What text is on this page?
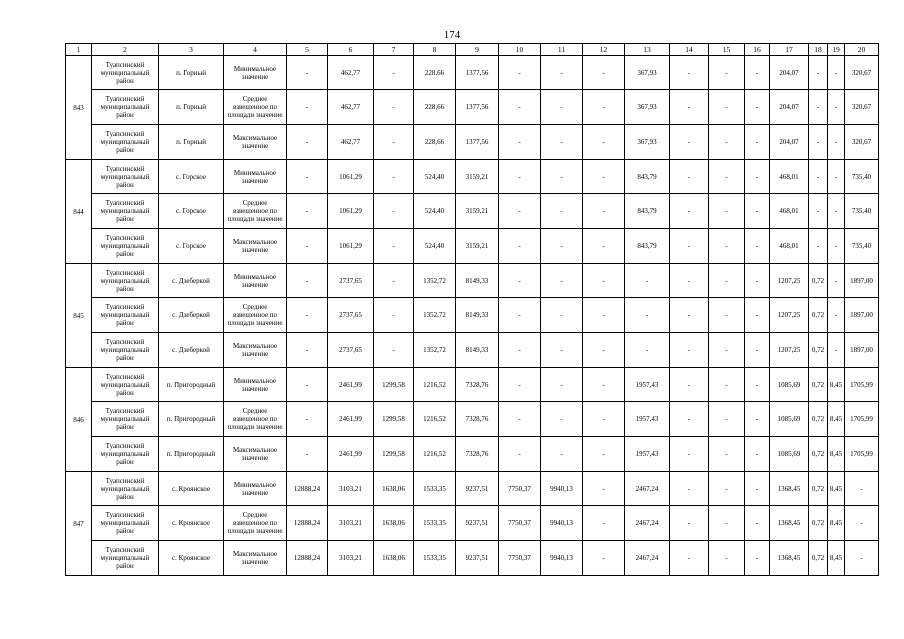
174
1	2	3	4	5	6	7	8	9	10	11	12	13	14	15	16	17	18	19	20
843	Туапсинский муниципальный район	п. Горный	Минимальное значение	-	462,77	-	228,66	1377,56	-	-	-	367,93	-	-	-	204,07	-	-	320,67
	Туапсинский муниципальный район	п. Горный	Среднее взвешенное по площади значение	-	462,77	-	228,66	1377,56	-	-	-	367,93	-	-	-	204,07	-	-	320,67
	Туапсинский муниципальный район	п. Горный	Максимальное значение	-	462,77	-	228,66	1377,56	-	-	-	367,93	-	-	-	204,07	-	-	320,67
844	Туапсинский муниципальный район	с. Горское	Минимальное значение	-	1061,29	-	524,40	3159,21	-	-	-	843,79	-	-	-	468,01	-	-	735,40
	Туапсинский муниципальный район	с. Горское	Среднее взвешенное по площади значение	-	1061,29	-	524,40	3159,21	-	-	-	843,79	-	-	-	468,01	-	-	735,40
	Туапсинский муниципальный район	с. Горское	Максимальное значение	-	1061,29	-	524,40	3159,21	-	-	-	843,79	-	-	-	468,01	-	-	735,40
845	Туапсинский муниципальный район	с. Дзеберкой	Минимальное значение	-	2737,65	-	1352,72	8149,33	-	-	-	-	-	-	-	1207,25	0,72	-	1897,00
	Туапсинский муниципальный район	с. Дзеберкой	Среднее взвешенное по площади значение	-	2737,65	-	1352,72	8149,33	-	-	-	-	-	-	-	1207,25	0,72	-	1897,00
	Туапсинский муниципальный район	с. Дзеберкой	Максимальное значение	-	2737,65	-	1352,72	8149,33	-	-	-	-	-	-	-	1207,25	0,72	-	1897,00
846	Туапсинский муниципальный район	п. Пригородный	Минимальное значение	-	2461,99	1299,58	1216,52	7328,76	-	-	-	1957,43	-	-	-	1085,69	0,72	8,45	1705,99
	Туапсинский муниципальный район	п. Пригородный	Среднее взвешенное по площади значение	-	2461,99	1299,58	1216,52	7328,76	-	-	-	1957,43	-	-	-	1085,69	0,72	8,45	1705,99
	Туапсинский муниципальный район	п. Пригородный	Максимальное значение	-	2461,99	1299,58	1216,52	7328,76	-	-	-	1957,43	-	-	-	1085,69	0,72	8,45	1705,99
847	Туапсинский муниципальный район	с. Кроянское	Минимальное значение	12888,24	3103,21	1638,06	1533,35	9237,51	7750,37	9940,13	-	2467,24	-	-	-	1368,45	0,72	8,45	-
	Туапсинский муниципальный район	с. Кроянское	Среднее взвешенное по площади значение	12888,24	3103,21	1638,06	1533,35	9237,51	7750,37	9940,13	-	2467,24	-	-	-	1368,45	0,72	8,45	-
	Туапсинский муниципальный район	с. Кроянское	Максимальное значение	12888,24	3103,21	1638,06	1533,35	9237,51	7750,37	9940,13	-	2467,24	-	-	-	1368,45	0,72	8,45	-
